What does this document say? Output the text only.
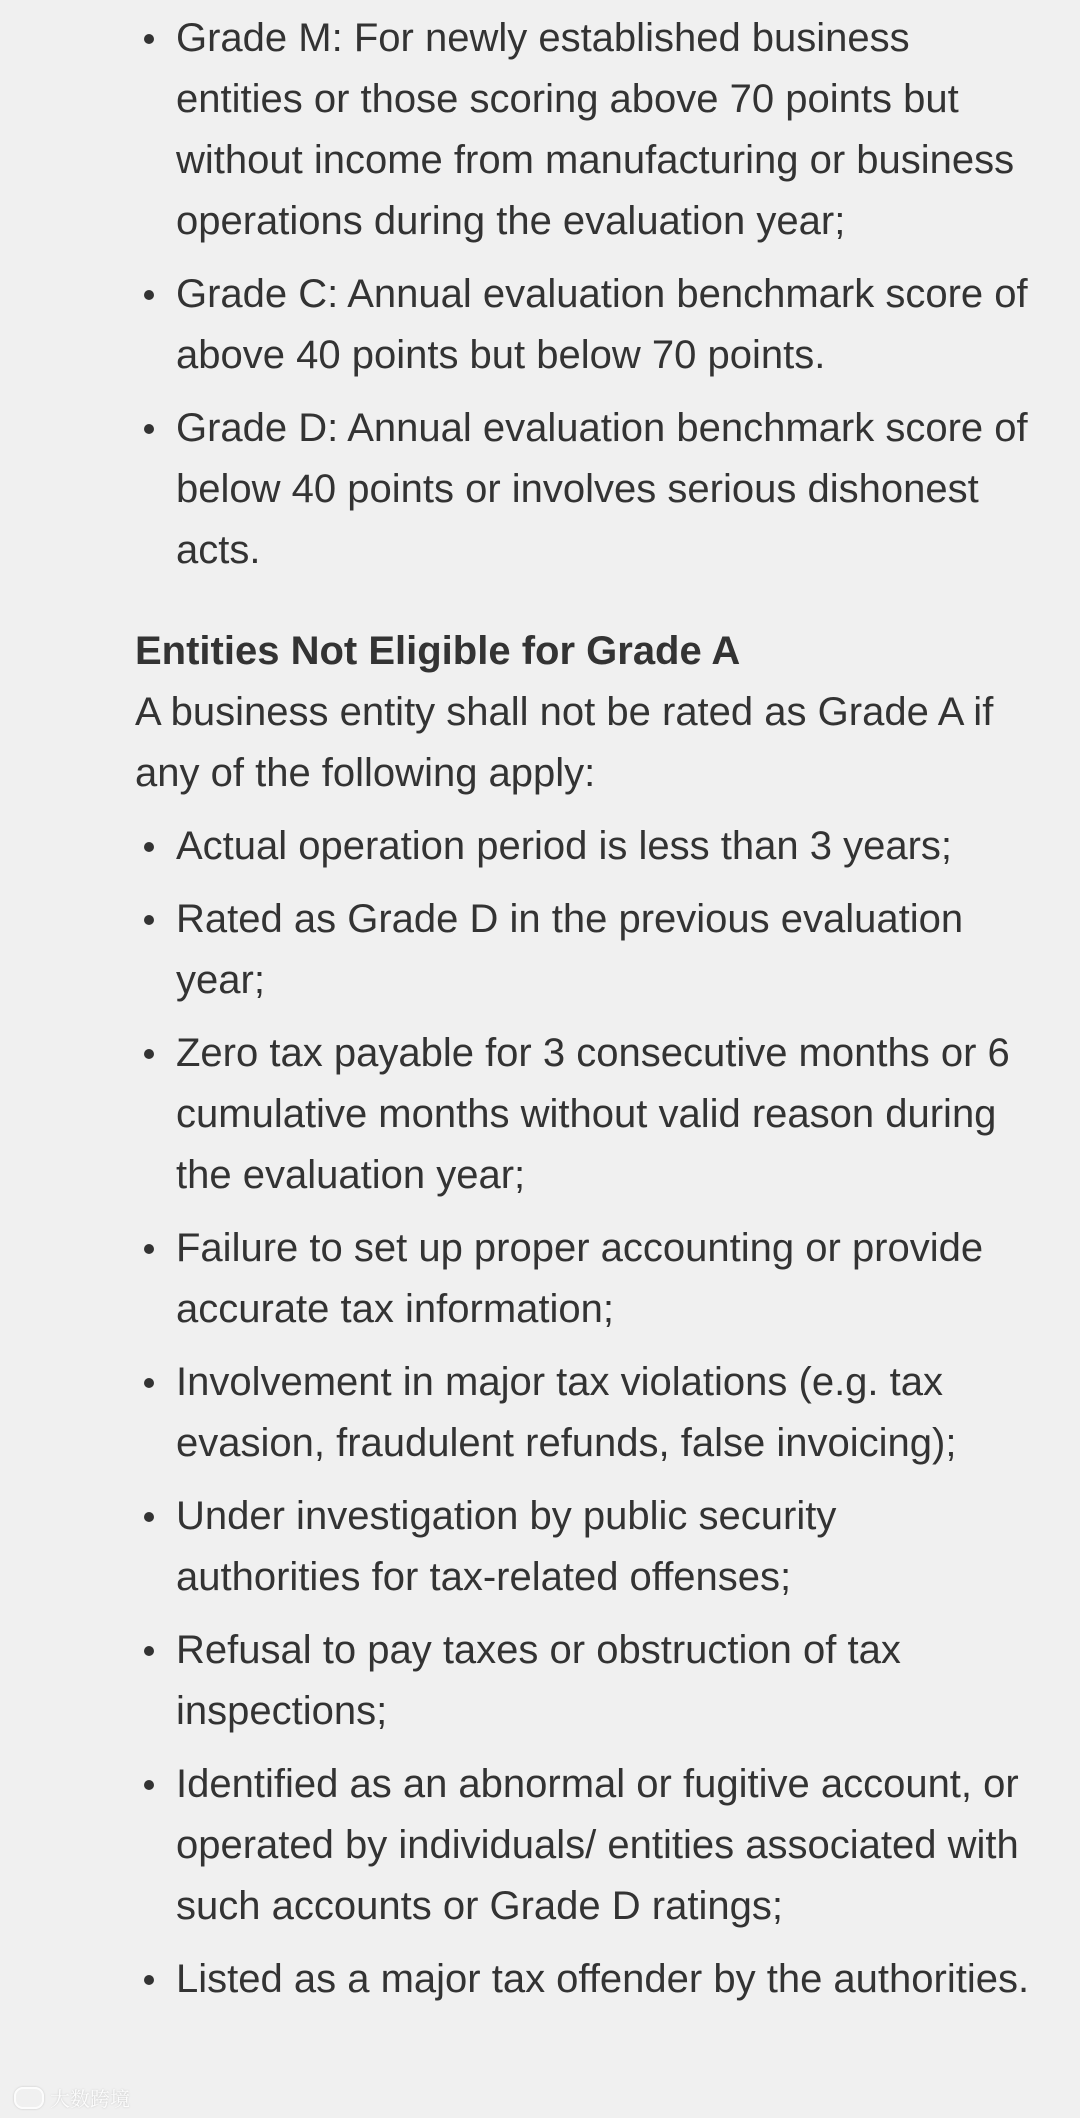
Grade M: For newly established business entities or those scoring above 70 points but without income from manufacturing or business operations during the evaluation year;
Grade C: Annual evaluation benchmark score of above 40 points but below 70 points.
Grade D: Annual evaluation benchmark score of below 40 points or involves serious dishonest acts.

Entities Not Eligible for Grade A

A business entity shall not be rated as Grade A if any of the following apply:

Actual operation period is less than 3 years;
Rated as Grade D in the previous evaluation year;
Zero tax payable for 3 consecutive months or 6 cumulative months without valid reason during the evaluation year;
Failure to set up proper accounting or provide accurate tax information;
Involvement in major tax violations (e.g. tax evasion, fraudulent refunds, false invoicing);
Under investigation by public security authorities for tax-related offenses;
Refusal to pay taxes or obstruction of tax inspections;
Identified as an abnormal or fugitive account, or operated by individuals/ entities associated with such accounts or Grade D ratings;
Listed as a major tax offender by the authorities.
大数跨境
